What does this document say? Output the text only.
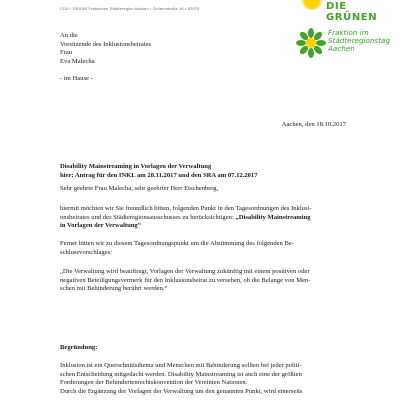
DIE GRÜNEN
CDU / GRÜNE Fraktionen Städteregion Aachen • Zollernstraße 16 • 52070
Fraktion im
Städteregionstag
Aachen
An die
Vorsitzende des Inklusionsbeirates
Frau
Eva Malecha
- im Hause -
Aachen, den 18.10.2017
Disability Mainstreaming in Vorlagen der Verwaltung
hier: Antrag für den INKL am 28.11.2017 und den SRA am 07.12.2017
Sehr geehrte Frau Malecha, sehr geehrter Herr Etschenberg,
hiermit möchten wir Sie freundlich bitten, folgenden Punkt in den Tagesordnungen des Inklusi-
onsbeirates und des Städteregionsausschusses zu berücksichtigen: „Disability Mainstreaming
in Vorlagen der Verwaltung“
Ferner bitten wir zu diesem Tagesordnungspunkt um die Abstimmung des folgenden Be-
schlussvorschlages:
„Die Verwaltung wird beauftragt, Vorlagen der Verwaltung zukünftig mit einem positiven oder
negativen Beteiligungsvermerk für den Inklusionsbeirat zu versehen, ob die Belange von Men-
schen mit Behinderung berührt werden.“
Begründung:
Inklusion ist ein Querschnittsthema und Menschen mit Behinderung sollten bei jeder politi-
schen Entscheidung mitgedacht werden. Disability Mainstreaming ist auch eine der größten
Forderungen der Behindertenrechtskonvention der Vereinten Nationen.
Durch die Ergänzung der Vorlagen der Verwaltung um den genannten Punkt, wird einerseits
